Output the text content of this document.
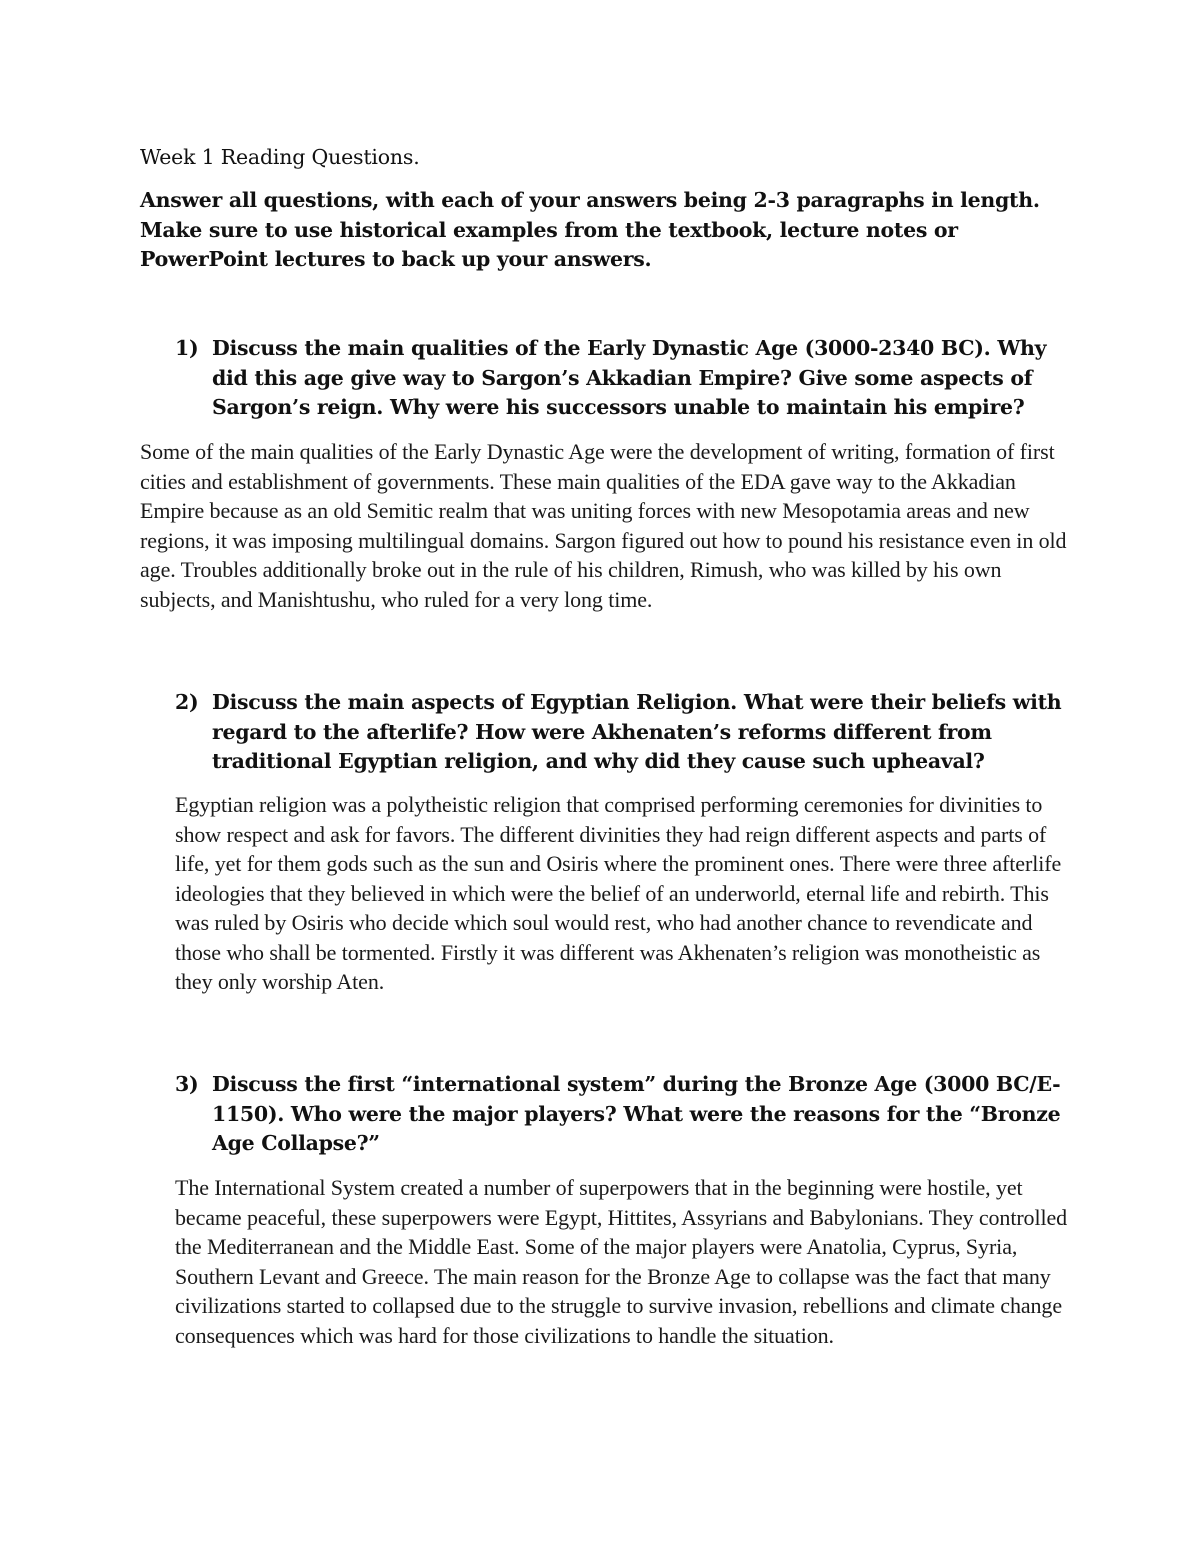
Week 1 Reading Questions.

Answer all questions, with each of your answers being 2-3 paragraphs in length. Make sure to use historical examples from the textbook, lecture notes or PowerPoint lectures to back up your answers.

1) Discuss the main qualities of the Early Dynastic Age (3000-2340 BC). Why did this age give way to Sargon’s Akkadian Empire? Give some aspects of Sargon’s reign. Why were his successors unable to maintain his empire?

Some of the main qualities of the Early Dynastic Age were the development of writing, formation of first cities and establishment of governments. These main qualities of the EDA gave way to the Akkadian Empire because as an old Semitic realm that was uniting forces with new Mesopotamia areas and new regions, it was imposing multilingual domains. Sargon figured out how to pound his resistance even in old age. Troubles additionally broke out in the rule of his children, Rimush, who was killed by his own subjects, and Manishtushu, who ruled for a very long time.

2) Discuss the main aspects of Egyptian Religion. What were their beliefs with regard to the afterlife? How were Akhenaten’s reforms different from traditional Egyptian religion, and why did they cause such upheaval?

Egyptian religion was a polytheistic religion that comprised performing ceremonies for divinities to show respect and ask for favors. The different divinities they had reign different aspects and parts of life, yet for them gods such as the sun and Osiris where the prominent ones. There were three afterlife ideologies that they believed in which were the belief of an underworld, eternal life and rebirth. This was ruled by Osiris who decide which soul would rest, who had another chance to revendicate and those who shall be tormented. Firstly it was different was Akhenaten’s religion was monotheistic as they only worship Aten.

3) Discuss the first “international system” during the Bronze Age (3000 BC/E-1150). Who were the major players? What were the reasons for the “Bronze Age Collapse?”

The International System created a number of superpowers that in the beginning were hostile, yet became peaceful, these superpowers were Egypt, Hittites, Assyrians and Babylonians. They controlled the Mediterranean and the Middle East. Some of the major players were Anatolia, Cyprus, Syria, Southern Levant and Greece. The main reason for the Bronze Age to collapse was the fact that many civilizations started to collapsed due to the struggle to survive invasion, rebellions and climate change consequences which was hard for those civilizations to handle the situation.
